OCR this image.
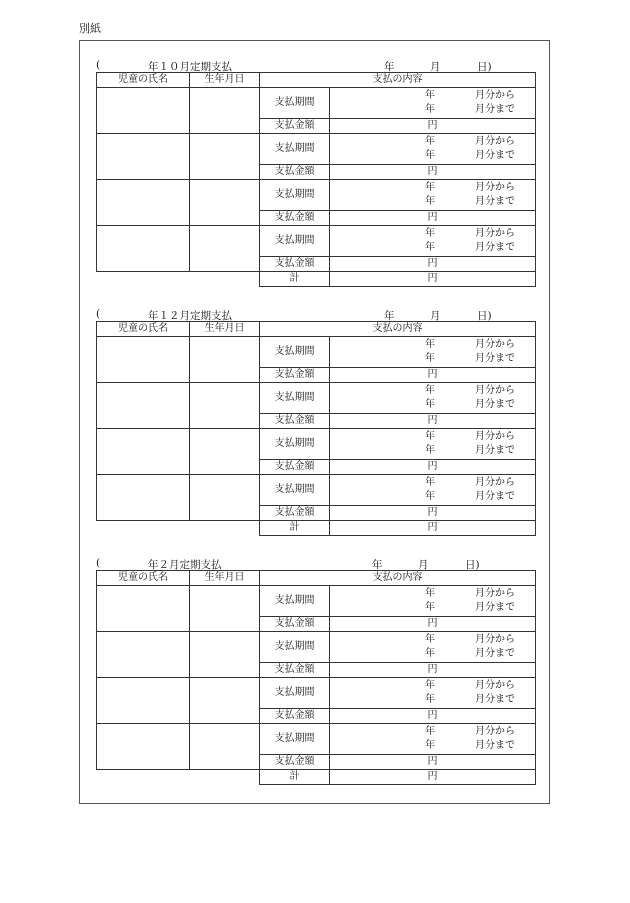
別紙
(	年１０月定期支払	年	月	日)
児童の氏名	生年月日	支払の内容	
		支払期間	年 月分から
年 月分まで

		支払金額	円
		支払期間	年 月分から
年 月分まで

		支払金額	円
		支払期間	年 月分から
年 月分まで

		支払金額	円
		支払期間	年 月分から
年 月分まで

		支払金額	円
		計	円
(	年１２月定期支払	年	月	日)
児童の氏名	生年月日	支払の内容	
		支払期間	年 月分から
年 月分まで

		支払金額	円
		支払期間	年 月分から
年 月分まで

		支払金額	円
		支払期間	年 月分から
年 月分まで

		支払金額	円
		支払期間	年 月分から
年 月分まで

		支払金額	円
		計	円
(	年２月定期支払	年	月	日)
児童の氏名	生年月日	支払の内容	
		支払期間	年 月分から
年 月分まで

		支払金額	円
		支払期間	年 月分から
年 月分まで

		支払金額	円
		支払期間	年 月分から
年 月分まで

		支払金額	円
		支払期間	年 月分から
年 月分まで

		支払金額	円
		計	円
